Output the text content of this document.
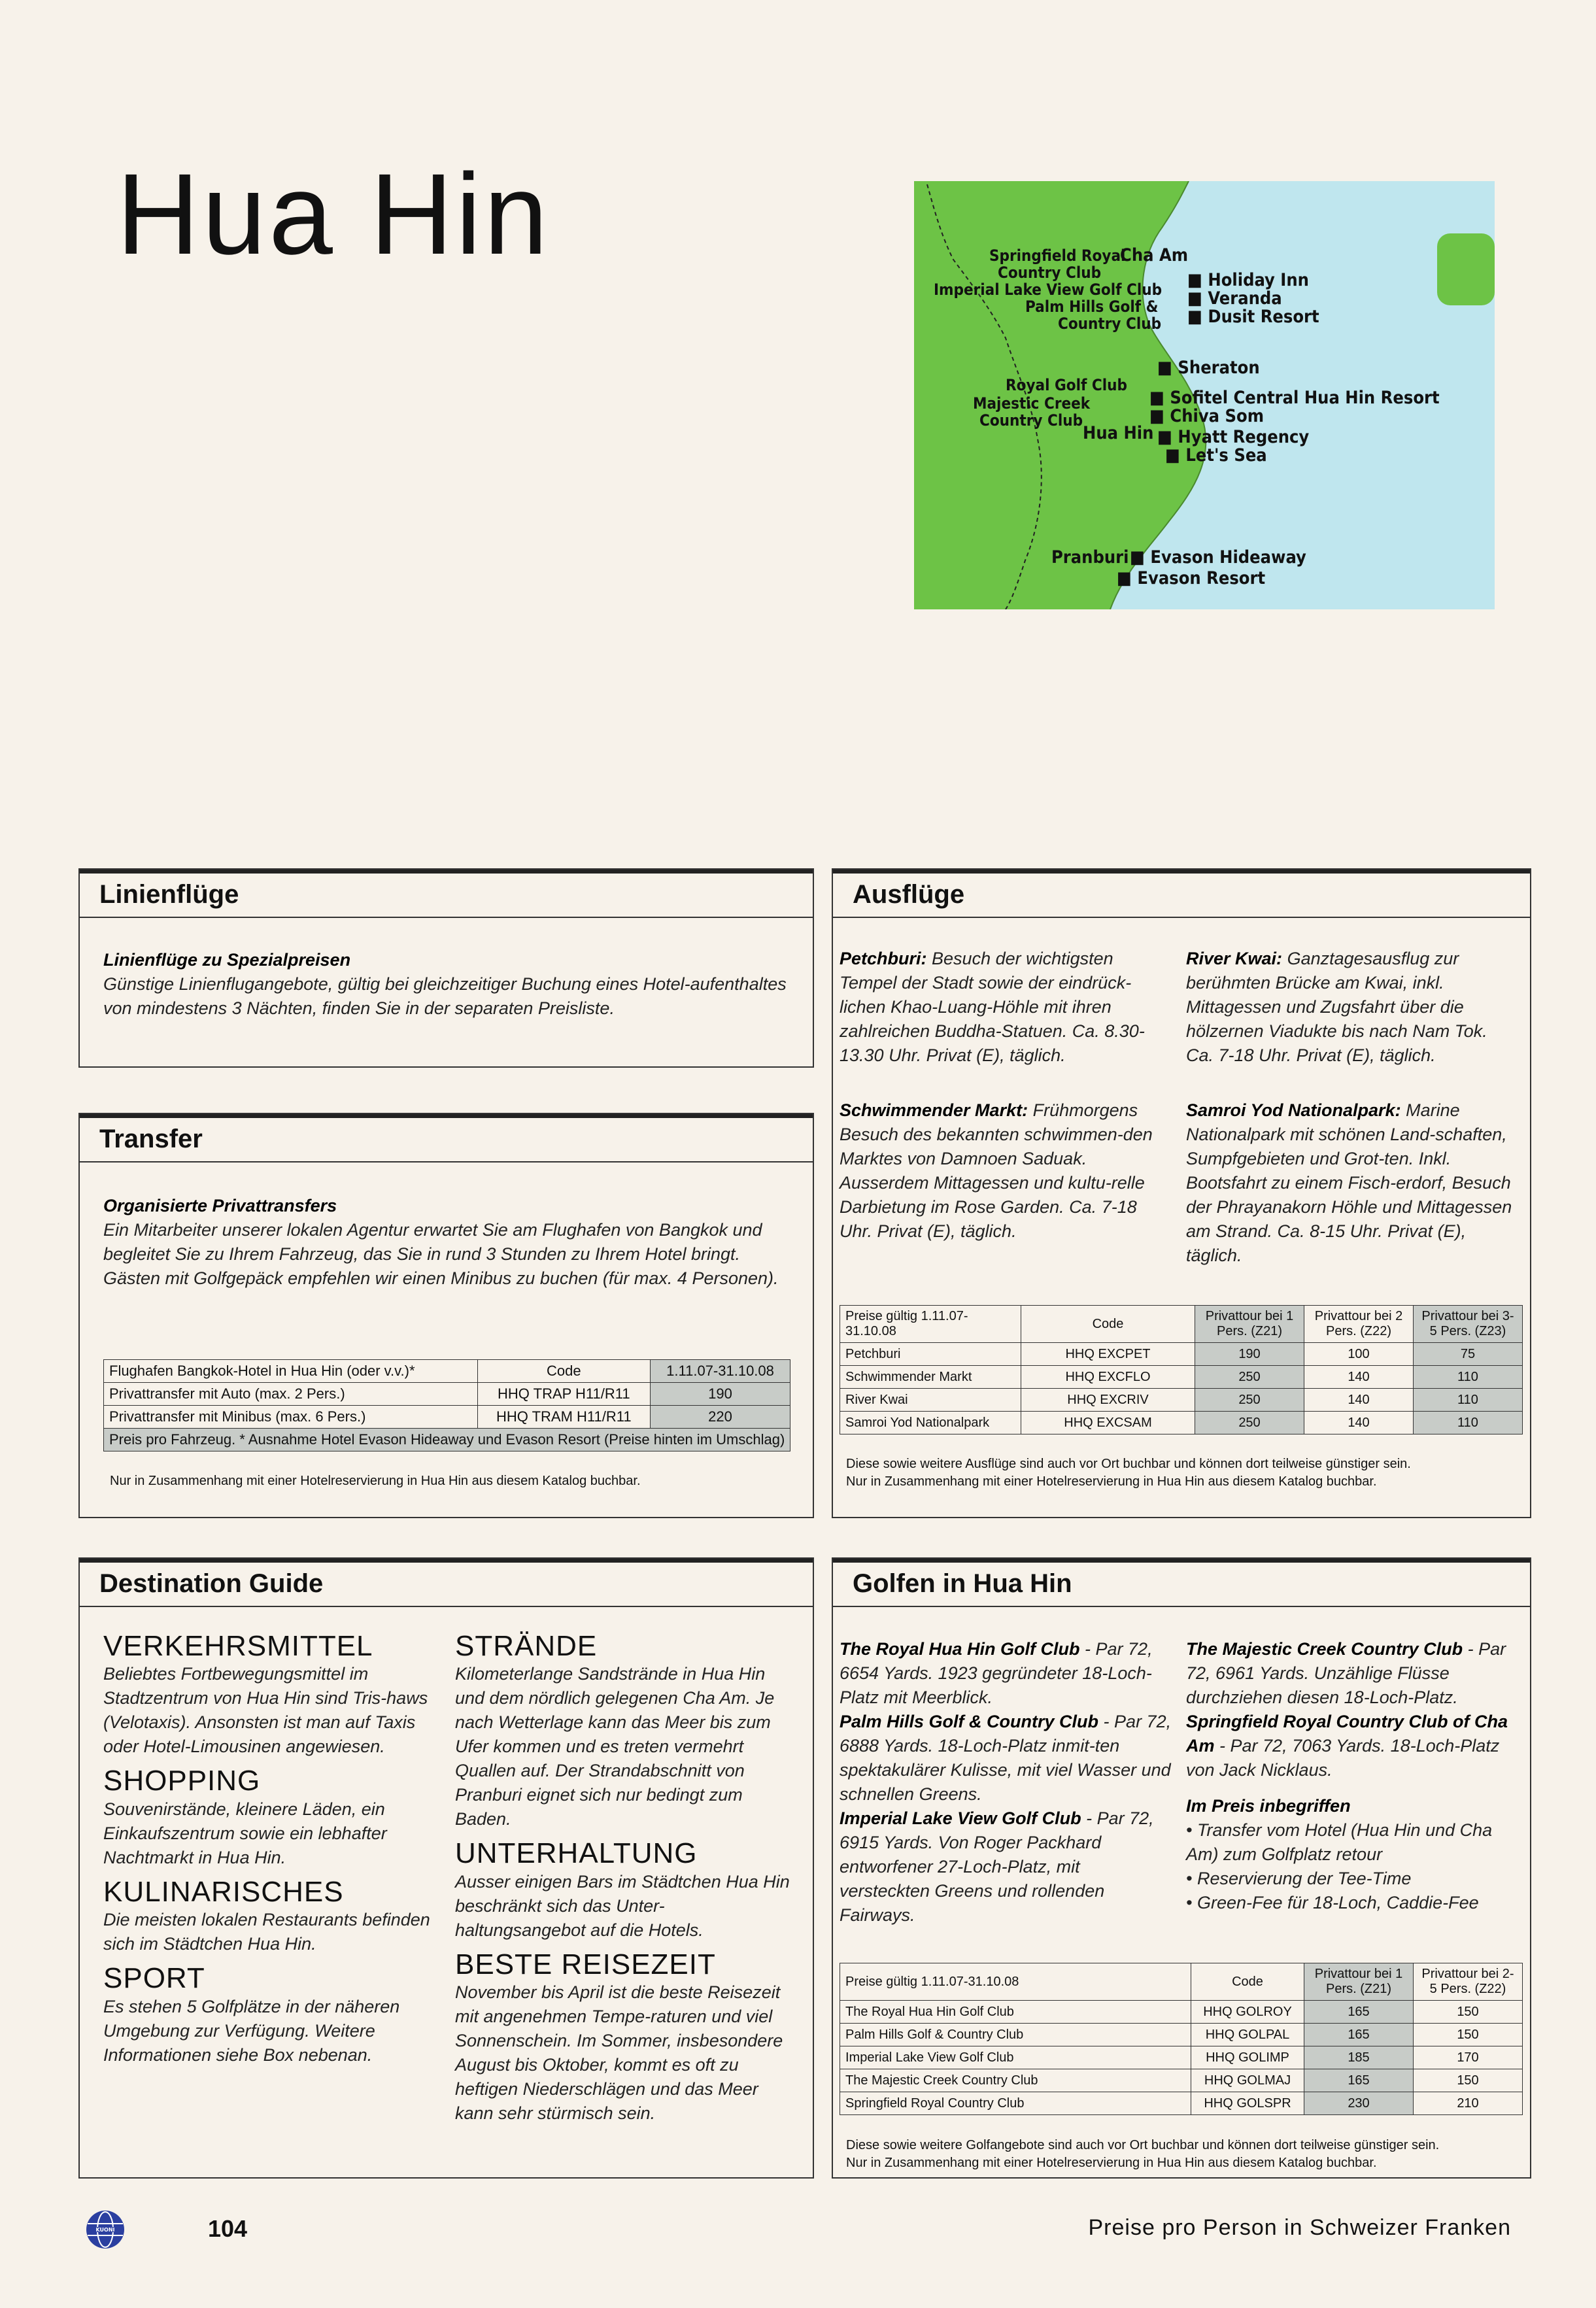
Hua Hin	Springfield Royal
Cha Am
Country Club
Imperial Lake View Golf Club
Palm Hills Golf &
Country Club
Royal Golf Club
Majestic Creek
Country Club
Hua Hin
Pranburi
■ Holiday Inn
■ Veranda
■ Dusit Resort
■ Sheraton
■ Sofitel Central Hua Hin Resort
■ Chiva Som
■ Hyatt Regency
■ Let's Sea
■ Evason Hideaway
■ Evason Resort
Linienflüge
Linienflüge zu Spezialpreisen
Günstige Linienflugangebote, gültig bei gleichzeitiger Buchung eines Hotel-aufenthaltes von mindestens 3 Nächten, finden Sie in der separaten Preisliste.
Transfer
Organisierte Privattransfers
Ein Mitarbeiter unserer lokalen Agentur erwartet Sie am Flughafen von Bangkok und begleitet Sie zu Ihrem Fahrzeug, das Sie in rund 3 Stunden zu Ihrem Hotel bringt. Gästen mit Golfgepäck empfehlen wir einen Minibus zu buchen (für max. 4 Personen).
Flughafen Bangkok-Hotel in Hua Hin (oder v.v.)*	Code	1.11.07-31.10.08
Privattransfer mit Auto (max. 2 Pers.)	HHQ TRAP H11/R11	190
Privattransfer mit Minibus (max. 6 Pers.)	HHQ TRAM H11/R11	220
Preis pro Fahrzeug. * Ausnahme Hotel Evason Hideaway und Evason Resort (Preise hinten im Umschlag)		
Nur in Zusammenhang mit einer Hotelreservierung in Hua Hin aus diesem Katalog buchbar.
Ausflüge
Petchburi: Besuch der wichtigsten Tempel der Stadt sowie der eindrück-lichen Khao-Luang-Höhle mit ihren zahlreichen Buddha-Statuen. Ca. 8.30-13.30 Uhr. Privat (E), täglich.
River Kwai: Ganztagesausflug zur berühmten Brücke am Kwai, inkl. Mittagessen und Zugsfahrt über die hölzernen Viadukte bis nach Nam Tok. Ca. 7-18 Uhr. Privat (E), täglich.
Schwimmender Markt: Frühmorgens Besuch des bekannten schwimmen-den Marktes von Damnoen Saduak. Ausserdem Mittagessen und kultu-relle Darbietung im Rose Garden. Ca. 7-18 Uhr. Privat (E), täglich.
Samroi Yod Nationalpark: Marine Nationalpark mit schönen Land-schaften, Sumpfgebieten und Grot-ten. Inkl. Bootsfahrt zu einem Fisch-erdorf, Besuch der Phrayanakorn Höhle und Mittagessen am Strand. Ca. 8-15 Uhr. Privat (E), täglich.
Preise gültig 1.11.07-31.10.08	Code	Privattour bei 1 Pers. (Z21)	Privattour bei 2 Pers. (Z22)	Privattour bei 3-5 Pers. (Z23)
Petchburi	HHQ EXCPET	190	100	75
Schwimmender Markt	HHQ EXCFLO	250	140	110
River Kwai	HHQ EXCRIV	250	140	110
Samroi Yod Nationalpark	HHQ EXCSAM	250	140	110
Diese sowie weitere Ausflüge sind auch vor Ort buchbar und können dort teilweise günstiger sein.
Nur in Zusammenhang mit einer Hotelreservierung in Hua Hin aus diesem Katalog buchbar.
Destination Guide
VERKEHRSMITTEL
Beliebtes Fortbewegungsmittel im Stadtzentrum von Hua Hin sind Tris-haws (Velotaxis). Ansonsten ist man auf Taxis oder Hotel-Limousinen angewiesen.
SHOPPING
Souvenirstände, kleinere Läden, ein Einkaufszentrum sowie ein lebhafter Nachtmarkt in Hua Hin.
KULINARISCHES
Die meisten lokalen Restaurants befinden sich im Städtchen Hua Hin.
SPORT
Es stehen 5 Golfplätze in der näheren Umgebung zur Verfügung. Weitere Informationen siehe Box nebenan.
STRÄNDE
Kilometerlange Sandstrände in Hua Hin und dem nördlich gelegenen Cha Am. Je nach Wetterlage kann das Meer bis zum Ufer kommen und es treten vermehrt Quallen auf. Der Strandabschnitt von Pranburi eignet sich nur bedingt zum Baden.
UNTERHALTUNG
Ausser einigen Bars im Städtchen Hua Hin beschränkt sich das Unter-haltungsangebot auf die Hotels.
BESTE REISEZEIT
November bis April ist die beste Reisezeit mit angenehmen Tempe-raturen und viel Sonnenschein. Im Sommer, insbesondere August bis Oktober, kommt es oft zu heftigen Niederschlägen und das Meer kann sehr stürmisch sein.
Golfen in Hua Hin
The Royal Hua Hin Golf Club - Par 72, 6654 Yards. 1923 gegründeter 18-Loch-Platz mit Meerblick.
Palm Hills Golf & Country Club - Par 72, 6888 Yards. 18-Loch-Platz inmit-ten spektakulärer Kulisse, mit viel Wasser und schnellen Greens.
Imperial Lake View Golf Club - Par 72, 6915 Yards. Von Roger Packhard entworfener 27-Loch-Platz, mit versteckten Greens und rollenden Fairways.
The Majestic Creek Country Club - Par 72, 6961 Yards. Unzählige Flüsse durchziehen diesen 18-Loch-Platz.
Springfield Royal Country Club of Cha Am - Par 72, 7063 Yards. 18-Loch-Platz von Jack Nicklaus.
Im Preis inbegriffen
• Transfer vom Hotel (Hua Hin und Cha Am) zum Golfplatz retour
• Reservierung der Tee-Time
• Green-Fee für 18-Loch, Caddie-Fee
Preise gültig 1.11.07-31.10.08	Code	Privattour bei 1 Pers. (Z21)	Privattour bei 2-5 Pers. (Z22)
The Royal Hua Hin Golf Club	HHQ GOLROY	165	150
Palm Hills Golf & Country Club	HHQ GOLPAL	165	150
Imperial Lake View Golf Club	HHQ GOLIMP	185	170
The Majestic Creek Country Club	HHQ GOLMAJ	165	150
Springfield Royal Country Club	HHQ GOLSPR	230	210
Diese sowie weitere Golfangebote sind auch vor Ort buchbar und können dort teilweise günstiger sein.
Nur in Zusammenhang mit einer Hotelreservierung in Hua Hin aus diesem Katalog buchbar.
KUONI	104	Preise pro Person in Schweizer Franken
